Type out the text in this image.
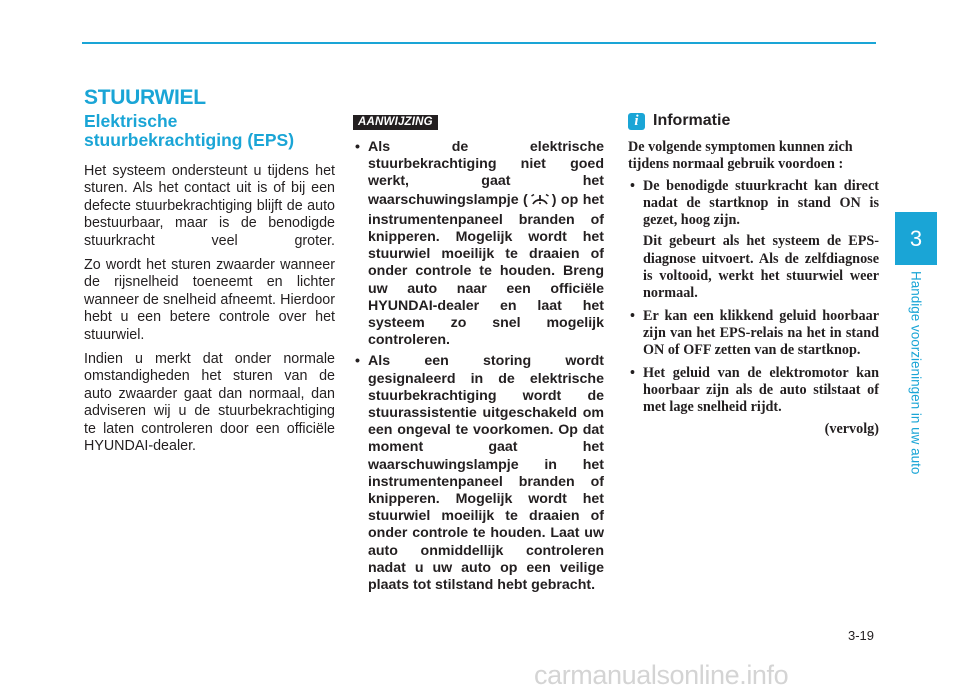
STUURWIEL
Elektrische stuurbekrachtiging (EPS)

Het systeem ondersteunt u tijdens het sturen. Als het contact uit is of bij een defecte stuurbekrachtiging blijft de auto bestuurbaar, maar is de benodigde stuurkracht veel groter.

Zo wordt het sturen zwaarder wanneer de rijsnelheid toeneemt en lichter wanneer de snelheid afneemt. Hierdoor hebt u een betere controle over het stuurwiel.

Indien u merkt dat onder normale omstandigheden het sturen van de auto zwaarder gaat dan normaal, dan adviseren wij u de stuurbekrachtiging te laten controleren door een officiële HYUNDAI-dealer.

AANWIJZING
• Als de elektrische stuurbekrachtiging niet goed werkt, gaat het waarschuwingslampje ( ) op het instrumentenpaneel branden of knipperen. Mogelijk wordt het stuurwiel moeilijk te draaien of onder controle te houden. Breng uw auto naar een officiële HYUNDAI-dealer en laat het systeem zo snel mogelijk controleren.
• Als een storing wordt gesignaleerd in de elektrische stuurbekrachtiging wordt de stuurassistentie uitgeschakeld om een ongeval te voorkomen. Op dat moment gaat het waarschuwingslampje in het instrumentenpaneel branden of knipperen. Mogelijk wordt het stuurwiel moeilijk te draaien of onder controle te houden. Laat uw auto onmiddellijk controleren nadat u uw auto op een veilige plaats tot stilstand hebt gebracht.
i Informatie

De volgende symptomen kunnen zich tijdens normaal gebruik voordoen :

• De benodigde stuurkracht kan direct nadat de startknop in stand ON is gezet, hoog zijn.
Dit gebeurt als het systeem de EPS-diagnose uitvoert. Als de zelfdiagnose is voltooid, werkt het stuurwiel weer normaal.
• Er kan een klikkend geluid hoorbaar zijn van het EPS-relais na het in stand ON of OFF zetten van de startknop.
• Het geluid van de elektromotor kan hoorbaar zijn als de auto stilstaat of met lage snelheid rijdt.
(vervolg)
3
Handige voorzieningen in uw auto
3-19
carmanualsonline.info
